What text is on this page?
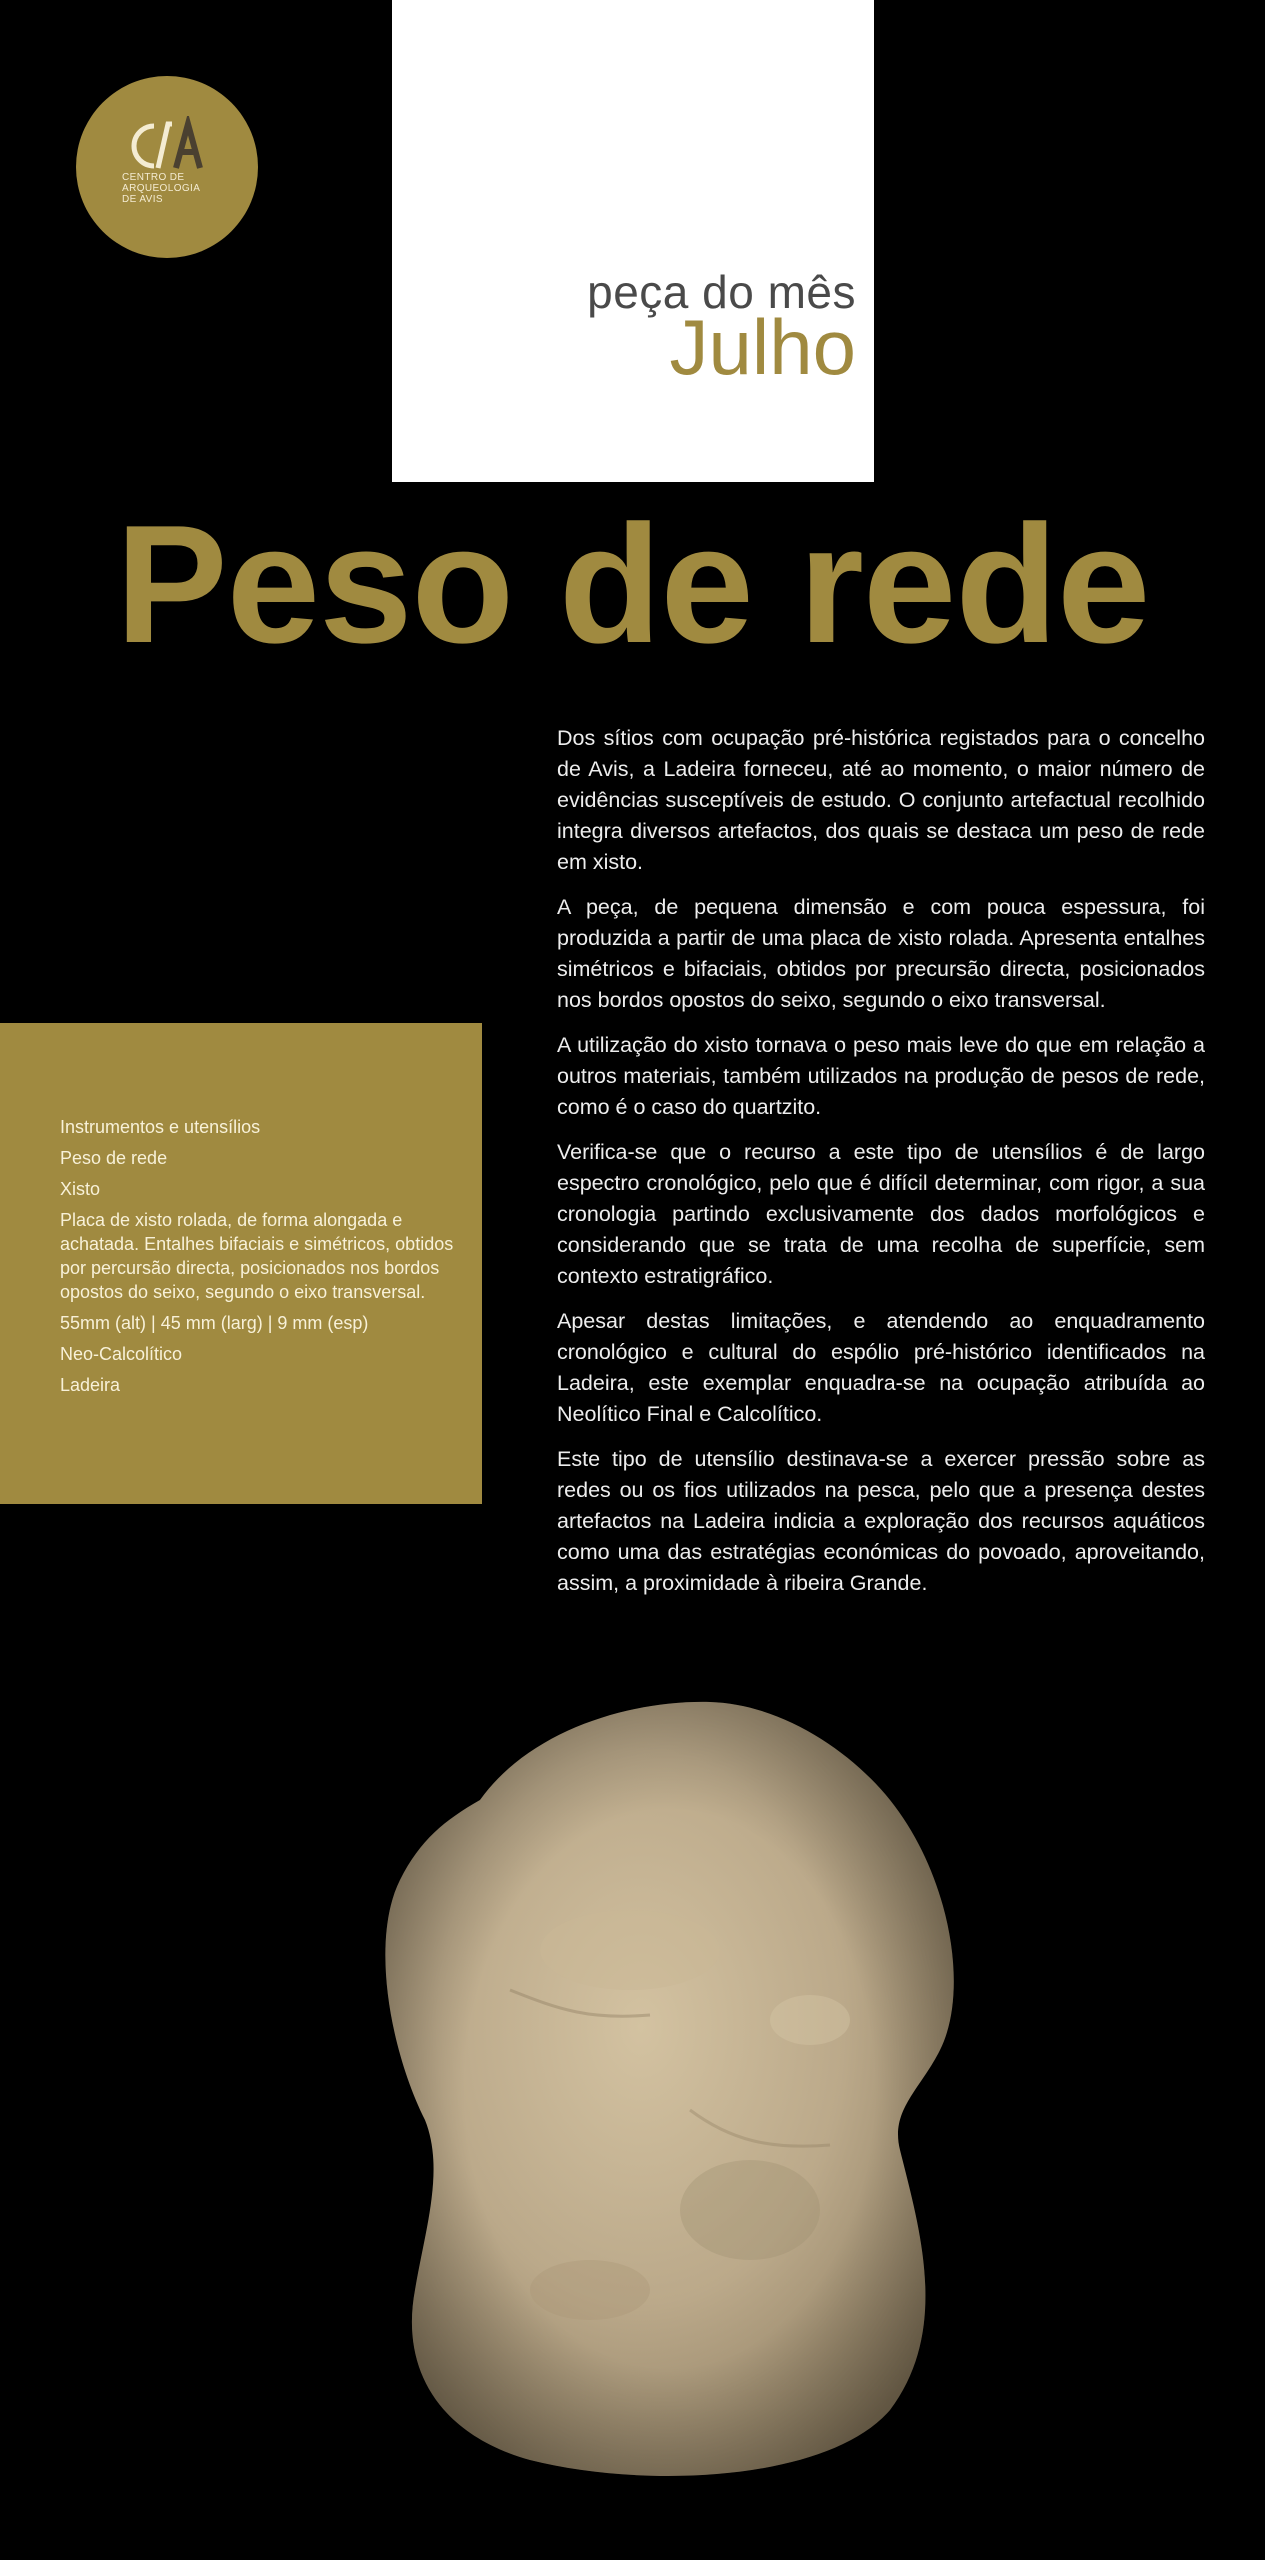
peça do mês
Julho
CENTRO DE
ARQUEOLOGIA
DE AVIS
Peso de rede
Instrumentos e utensílios
Peso de rede
Xisto
Placa de xisto rolada, de forma alongada e achatada. Entalhes bifaciais e simétricos, obtidos por percursão directa, posicionados nos bordos opostos do seixo, segundo o eixo transversal.
55mm (alt) | 45 mm (larg) | 9 mm (esp)
Neo-Calcolítico
Ladeira

Dos sítios com ocupação pré-histórica registados para o concelho de Avis, a Ladeira forneceu, até ao momento, o maior número de evidências susceptíveis de estudo. O conjunto artefactual recolhido integra diversos artefactos, dos quais se destaca um peso de rede em xisto.

A peça, de pequena dimensão e com pouca espessura, foi produzida a partir de uma placa de xisto rolada. Apresenta entalhes simétricos e bifaciais, obtidos por precursão directa, posicionados nos bordos opostos do seixo, segundo o eixo transversal.

A utilização do xisto tornava o peso mais leve do que em relação a outros materiais, também utilizados na produção de pesos de rede, como é o caso do quartzito.

Verifica-se que o recurso a este tipo de utensílios é de largo espectro cronológico, pelo que é difícil determinar, com rigor, a sua cronologia partindo exclusivamente dos dados morfológicos e considerando que se trata de uma recolha de superfície, sem contexto estratigráfico.

Apesar destas limitações, e atendendo ao enquadramento cronológico e cultural do espólio pré-histórico identificados na Ladeira, este exemplar enquadra-se na ocupação atribuída ao Neolítico Final e Calcolítico.

Este tipo de utensílio destinava-se a exercer pressão sobre as redes ou os fios utilizados na pesca, pelo que a presença destes artefactos na Ladeira indicia a exploração dos recursos aquáticos como uma das estratégias económicas do povoado, aproveitando, assim, a proximidade à ribeira Grande.
